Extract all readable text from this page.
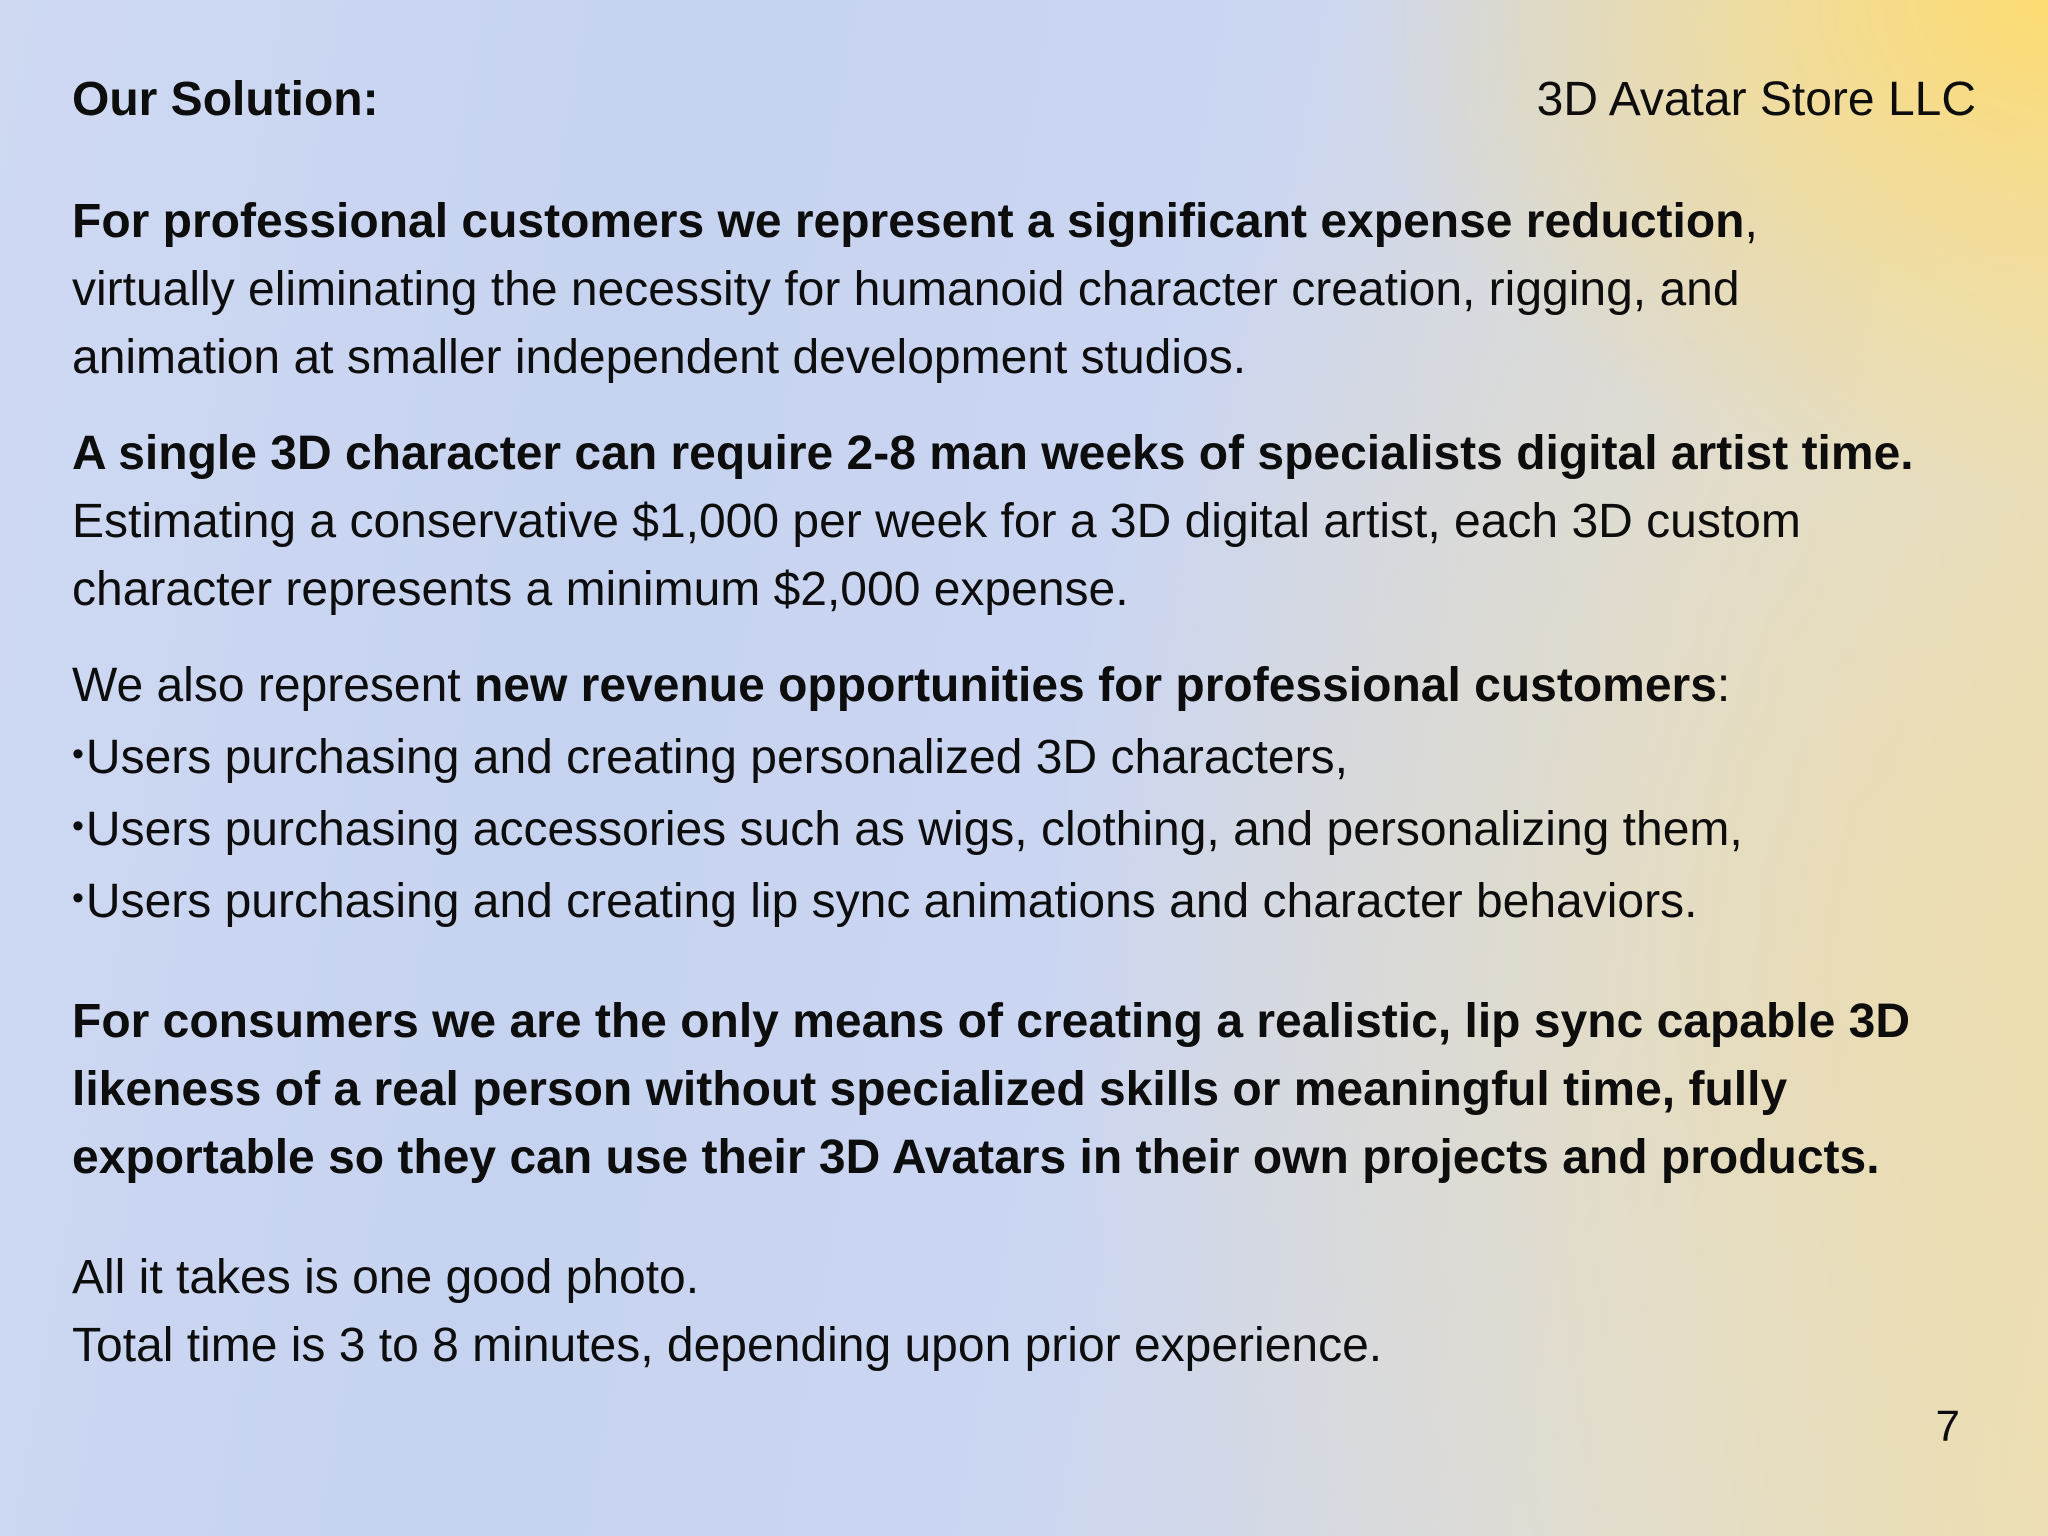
Our Solution:	3D Avatar Store LLC
For professional customers we represent a significant expense reduction,
virtually eliminating the necessity for humanoid character creation, rigging, and
animation at smaller independent development studios.
A single 3D character can require 2-8 man weeks of specialists digital artist time.
Estimating a conservative $1,000 per week for a 3D digital artist, each 3D custom
character represents a minimum $2,000 expense.
We also represent new revenue opportunities for professional customers:
•Users purchasing and creating personalized 3D characters,
•Users purchasing accessories such as wigs, clothing, and personalizing them,
•Users purchasing and creating lip sync animations and character behaviors.
For consumers we are the only means of creating a realistic, lip sync capable 3D
likeness of a real person without specialized skills or meaningful time, fully
exportable so they can use their 3D Avatars in their own projects and products.
All it takes is one good photo.
Total time is 3 to 8 minutes, depending upon prior experience.
7
